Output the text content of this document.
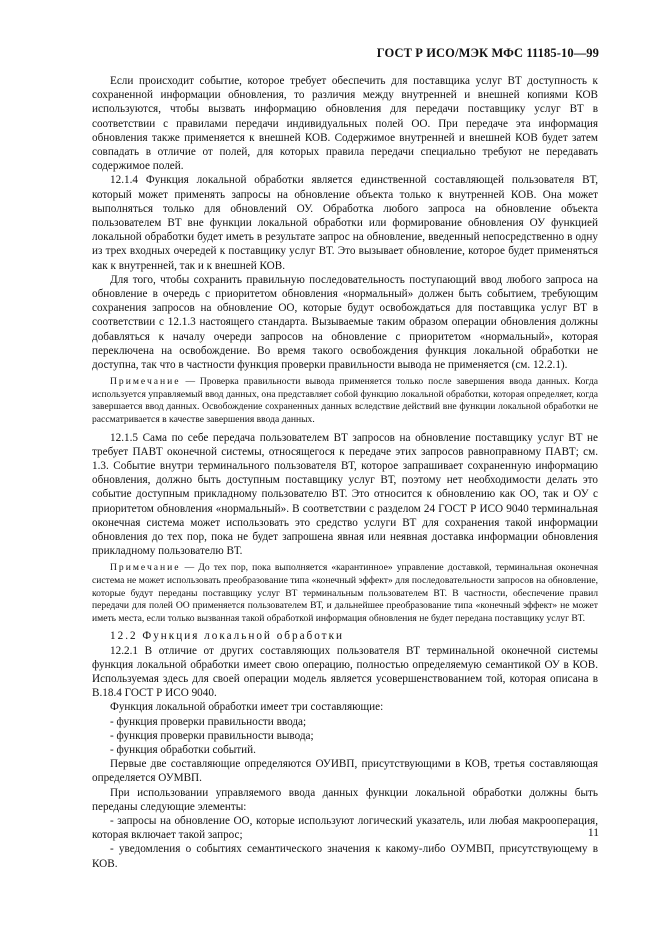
ГОСТ Р ИСО/МЭК МФС 11185-10—99

Если происходит событие, которое требует обеспечить для поставщика услуг ВТ доступность к сохраненной информации обновления, то различия между внутренней и внешней копиями КОВ используются, чтобы вызвать информацию обновления для передачи поставщику услуг ВТ в соответствии с правилами передачи индивидуальных полей ОО. При передаче эта информация обновления также применяется к внешней КОВ. Содержимое внутренней и внешней КОВ будет затем совпадать в отличие от полей, для которых правила передачи специально требуют не передавать содержимое полей.

12.1.4 Функция локальной обработки является единственной составляющей пользователя ВТ, который может применять запросы на обновление объекта только к внутренней КОВ. Она может выполняться только для обновлений ОУ. Обработка любого запроса на обновление объекта пользователем ВТ вне функции локальной обработки или формирование обновления ОУ функцией локальной обработки будет иметь в результате запрос на обновление, введенный непосредственно в одну из трех входных очередей к поставщику услуг ВТ. Это вызывает обновление, которое будет применяться как к внутренней, так и к внешней КОВ.

Для того, чтобы сохранить правильную последовательность поступающий ввод любого запроса на обновление в очередь с приоритетом обновления «нормальный» должен быть событием, требующим сохранения запросов на обновление ОО, которые будут освобождаться для поставщика услуг ВТ в соответствии с 12.1.3 настоящего стандарта. Вызываемые таким образом операции обновления должны добавляться к началу очереди запросов на обновление с приоритетом «нормальный», которая переключена на освобождение. Во время такого освобождения функция локальной обработки не доступна, так что в частности функция проверки правильности вывода не применяется (см. 12.2.1).

Примечание — Проверка правильности вывода применяется только после завершения ввода данных. Когда используется управляемый ввод данных, она представляет собой функцию локальной обработки, которая определяет, когда завершается ввод данных. Освобождение сохраненных данных вследствие действий вне функции локальной обработки не рассматривается в качестве завершения ввода данных.

12.1.5 Сама по себе передача пользователем ВТ запросов на обновление поставщику услуг ВТ не требует ПАВТ оконечной системы, относящегося к передаче этих запросов равноправному ПАВТ; см. 1.3. Событие внутри терминального пользователя ВТ, которое запрашивает сохраненную информацию обновления, должно быть доступным поставщику услуг ВТ, поэтому нет необходимости делать это событие доступным прикладному пользователю ВТ. Это относится к обновлению как ОО, так и ОУ с приоритетом обновления «нормальный». В соответствии с разделом 24 ГОСТ Р ИСО 9040 терминальная оконечная система может использовать это средство услуги ВТ для сохранения такой информации обновления до тех пор, пока не будет запрошена явная или неявная доставка информации обновления прикладному пользователю ВТ.

Примечание — До тех пор, пока выполняется «карантинное» управление доставкой, терминальная оконечная система не может использовать преобразование типа «конечный эффект» для последовательности запросов на обновление, которые будут переданы поставщику услуг ВТ терминальным пользователем ВТ. В частности, обеспечение правил передачи для полей ОО применяется пользователем ВТ, и дальнейшее преобразование типа «конечный эффект» не может иметь места, если только вызванная такой обработкой информация обновления не будет передана поставщику услуг ВТ.

12.2 Функция локальной обработки

12.2.1 В отличие от других составляющих пользователя ВТ терминальной оконечной системы функция локальной обработки имеет свою операцию, полностью определяемую семантикой ОУ в КОВ. Используемая здесь для своей операции модель является усовершенствованием той, которая описана в В.18.4 ГОСТ Р ИСО 9040.

Функция локальной обработки имеет три составляющие:

- функция проверки правильности ввода;

- функция проверки правильности вывода;

- функция обработки событий.

Первые две составляющие определяются ОУИВП, присутствующими в КОВ, третья составляющая определяется ОУМВП.

При использовании управляемого ввода данных функции локальной обработки должны быть переданы следующие элементы:

- запросы на обновление ОО, которые используют логический указатель, или любая макрооперация, которая включает такой запрос;

- уведомления о событиях семантического значения к какому-либо ОУМВП, присутствующему в КОВ.

11
